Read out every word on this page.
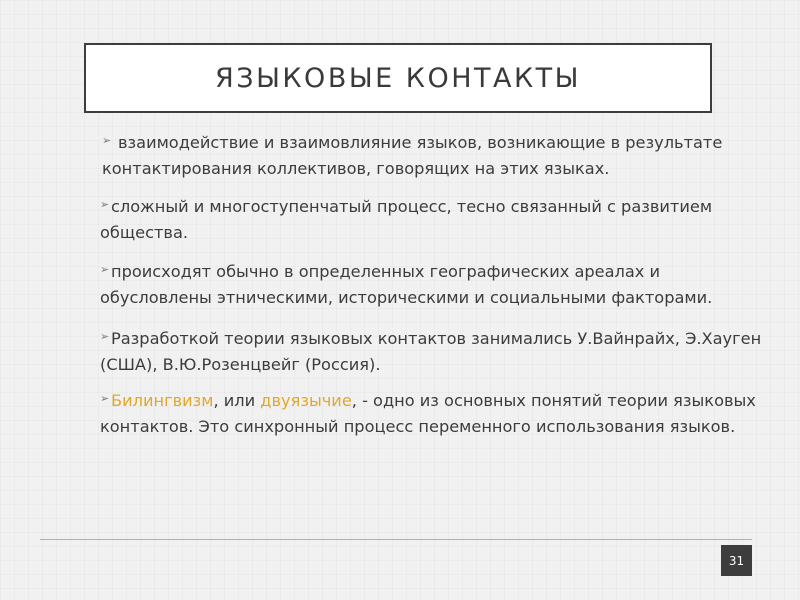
ЯЗЫКОВЫЕ КОНТАКТЫ

➢ взаимодействие и взаимовлияние языков, возникающие в результате контактирования коллективов, говорящих на этих языках.

➢ сложный и многоступенчатый процесс, тесно связанный с развитием общества.

➢ происходят обычно в определенных географических ареалах и обусловлены этническими, историческими и социальными факторами.

➢ Разработкой теории языковых контактов занимались У.Вайнрайх, Э.Хауген (США), В.Ю.Розенцвейг (Россия).

➢ Билингвизм, или двуязычие, - одно из основных понятий теории языковых контактов. Это синхронный процесс переменного использования языков.

31
